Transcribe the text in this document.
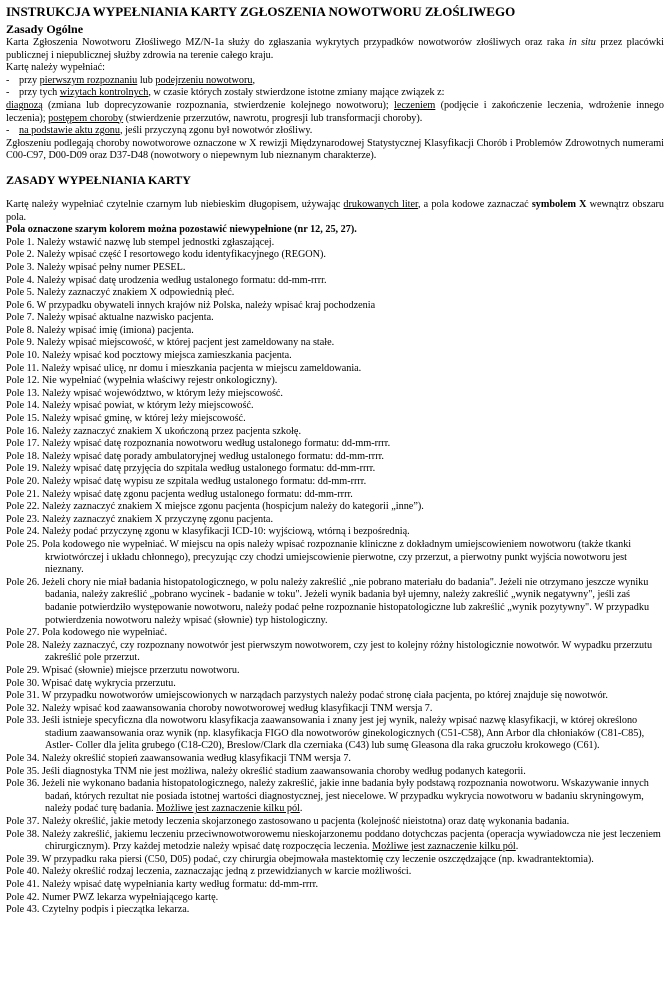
INSTRUKCJA WYPEŁNIANIA KARTY ZGŁOSZENIA NOWOTWORU ZŁOŚLIWEGO
Zasady Ogólne

Karta Zgłoszenia Nowotworu Złośliwego MZ/N-1a służy do zgłaszania wykrytych przypadków nowotworów złośliwych oraz raka in situ przez placówki publicznej i niepublicznej służby zdrowia na terenie całego kraju.

Kartę należy wypełniać:

- przy pierwszym rozpoznaniu lub podejrzeniu nowotworu,

- przy tych wizytach kontrolnych, w czasie których zostały stwierdzone istotne zmiany mające związek z:

diagnozą (zmiana lub doprecyzowanie rozpoznania, stwierdzenie kolejnego nowotworu); leczeniem (podjęcie i zakończenie leczenia, wdrożenie innego leczenia); postępem choroby (stwierdzenie przerzutów, nawrotu, progresji lub transformacji choroby).

- na podstawie aktu zgonu, jeśli przyczyną zgonu był nowotwór złośliwy.

Zgłoszeniu podlegają choroby nowotworowe oznaczone w X rewizji Międzynarodowej Statystycznej Klasyfikacji Chorób i Problemów Zdrowotnych numerami C00-C97, D00-D09 oraz D37-D48 (nowotwory o niepewnym lub nieznanym charakterze).

ZASADY WYPEŁNIANIA KARTY

Kartę należy wypełniać czytelnie czarnym lub niebieskim długopisem, używając drukowanych liter, a pola kodowe zaznaczać symbolem X wewnątrz obszaru pola.

Pola oznaczone szarym kolorem można pozostawić niewypełnione (nr 12, 25, 27).

Pole 1. Należy wstawić nazwę lub stempel jednostki zgłaszającej.

Pole 2. Należy wpisać część I resortowego kodu identyfikacyjnego (REGON).

Pole 3. Należy wpisać pełny numer PESEL.

Pole 4. Należy wpisać datę urodzenia według ustalonego formatu: dd-mm-rrrr.

Pole 5. Należy zaznaczyć znakiem X odpowiednią płeć.

Pole 6. W przypadku obywateli innych krajów niż Polska, należy wpisać kraj pochodzenia

Pole 7. Należy wpisać aktualne nazwisko pacjenta.

Pole 8. Należy wpisać imię (imiona) pacjenta.

Pole 9. Należy wpisać miejscowość, w której pacjent jest zameldowany na stałe.

Pole 10. Należy wpisać kod pocztowy miejsca zamieszkania pacjenta.

Pole 11. Należy wpisać ulicę, nr domu i mieszkania pacjenta w miejscu zameldowania.

Pole 12. Nie wypełniać (wypełnia właściwy rejestr onkologiczny).

Pole 13. Należy wpisać województwo, w którym leży miejscowość.

Pole 14. Należy wpisać powiat, w którym leży miejscowość.

Pole 15. Należy wpisać gminę, w której leży miejscowość.

Pole 16. Należy zaznaczyć znakiem X ukończoną przez pacjenta szkołę.

Pole 17. Należy wpisać datę rozpoznania nowotworu według ustalonego formatu: dd-mm-rrrr.

Pole 18. Należy wpisać datę porady ambulatoryjnej według ustalonego formatu: dd-mm-rrrr.

Pole 19. Należy wpisać datę przyjęcia do szpitala według ustalonego formatu: dd-mm-rrrr.

Pole 20. Należy wpisać datę wypisu ze szpitala według ustalonego formatu: dd-mm-rrrr.

Pole 21. Należy wpisać datę zgonu pacjenta według ustalonego formatu: dd-mm-rrrr.

Pole 22. Należy zaznaczyć znakiem X miejsce zgonu pacjenta (hospicjum należy do kategorii „inne”).

Pole 23. Należy zaznaczyć znakiem X przyczynę zgonu pacjenta.

Pole 24. Należy podać przyczynę zgonu w klasyfikacji ICD-10: wyjściową, wtórną i bezpośrednią.

Pole 25. Pola kodowego nie wypełniać. W miejscu na opis należy wpisać rozpoznanie kliniczne z dokładnym umiejscowieniem nowotworu (także tkanki krwiotwórczej i układu chłonnego), precyzując czy chodzi umiejscowienie pierwotne, czy przerzut, a pierwotny punkt wyjścia nowotworu jest nieznany.

Pole 26. Jeżeli chory nie miał badania histopatologicznego, w polu należy zakreślić „nie pobrano materiału do badania". Jeżeli nie otrzymano jeszcze wyniku badania, należy zakreślić „pobrano wycinek - badanie w toku". Jeżeli wynik badania był ujemny, należy zakreślić „wynik negatywny", jeśli zaś badanie potwierdziło występowanie nowotworu, należy podać pełne rozpoznanie histopatologiczne lub zakreślić „wynik pozytywny". W przypadku potwierdzenia nowotworu należy wpisać (słownie) typ histologiczny.

Pole 27. Pola kodowego nie wypełniać.

Pole 28. Należy zaznaczyć, czy rozpoznany nowotwór jest pierwszym nowotworem, czy jest to kolejny różny histologicznie nowotwór. W wypadku przerzutu zakreślić pole przerzut.

Pole 29. Wpisać (słownie) miejsce przerzutu nowotworu.

Pole 30. Wpisać datę wykrycia przerzutu.

Pole 31. W przypadku nowotworów umiejscowionych w narządach parzystych należy podać stronę ciała pacjenta, po której znajduje się nowotwór.

Pole 32. Należy wpisać kod zaawansowania choroby nowotworowej według klasyfikacji TNM wersja 7.

Pole 33. Jeśli istnieje specyficzna dla nowotworu klasyfikacja zaawansowania i znany jest jej wynik, należy wpisać nazwę klasyfikacji, w której określono stadium zaawansowania oraz wynik (np. klasyfikacja FIGO dla nowotworów ginekologicznych (C51-C58), Ann Arbor dla chłoniaków (C81-C85), Astler- Coller dla jelita grubego (C18-C20), Breslow/Clark dla czerniaka (C43) lub sumę Gleasona dla raka gruczołu krokowego (C61).

Pole 34. Należy określić stopień zaawansowania według klasyfikacji TNM wersja 7.

Pole 35. Jeśli diagnostyka TNM nie jest możliwa, należy określić stadium zaawansowania choroby według podanych kategorii.

Pole 36. Jeżeli nie wykonano badania histopatologicznego, należy zakreślić, jakie inne badania były podstawą rozpoznania nowotworu. Wskazywanie innych badań, których rezultat nie posiada istotnej wartości diagnostycznej, jest niecelowe. W przypadku wykrycia nowotworu w badaniu skryningowym, należy podać turę badania. Możliwe jest zaznaczenie kilku pól.

Pole 37. Należy określić, jakie metody leczenia skojarzonego zastosowano u pacjenta (kolejność nieistotna) oraz datę wykonania badania.

Pole 38. Należy zakreślić, jakiemu leczeniu przeciwnowotworowemu nieskojarzonemu poddano dotychczas pacjenta (operacja wywiadowcza nie jest leczeniem chirurgicznym). Przy każdej metodzie należy wpisać datę rozpoczęcia leczenia. Możliwe jest zaznaczenie kilku pól.

Pole 39. W przypadku raka piersi (C50, D05) podać, czy chirurgia obejmowała mastektomię czy leczenie oszczędzające (np. kwadrantektomia).

Pole 40. Należy określić rodzaj leczenia, zaznaczając jedną z przewidzianych w karcie możliwości.

Pole 41. Należy wpisać datę wypełniania karty według formatu: dd-mm-rrrr.

Pole 42. Numer PWZ lekarza wypełniającego kartę.

Pole 43. Czytelny podpis i pieczątka lekarza.
